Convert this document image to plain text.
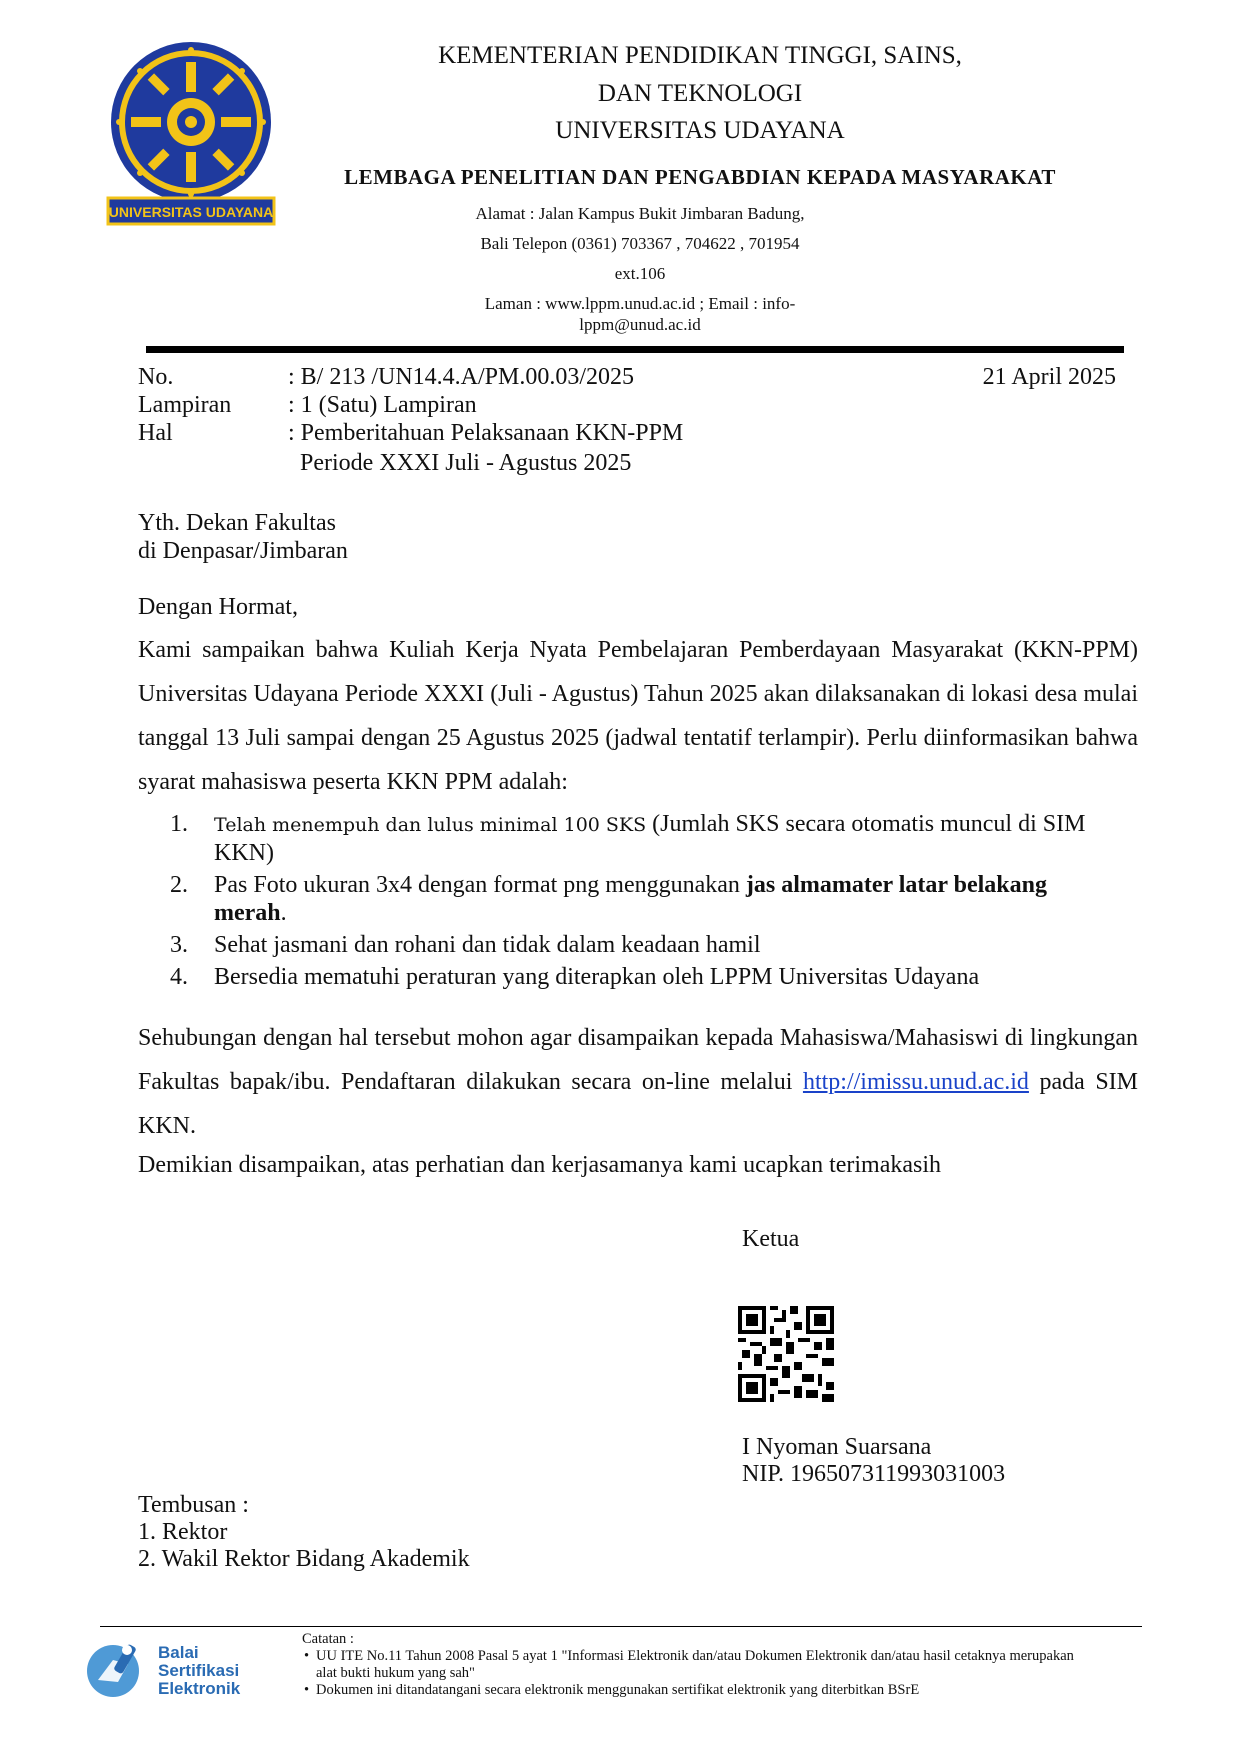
UNIVERSITAS UDAYANA
KEMENTERIAN PENDIDIKAN TINGGI, SAINS,
DAN TEKNOLOGI
UNIVERSITAS UDAYANA
LEMBAGA PENELITIAN DAN PENGABDIAN KEPADA MASYARAKAT
Alamat : Jalan Kampus Bukit Jimbaran Badung,
Bali Telepon (0361) 703367 , 704622 , 701954
ext.106
Laman : www.lppm.unud.ac.id ; Email : info-
lppm@unud.ac.id
No.	: B/ 213 /UN14.4.A/PM.00.03/2025	21 April 2025
Lampiran : 1 (Satu) Lampiran
Hal	: Pemberitahuan Pelaksanaan KKN-PPM
Periode XXXI Juli - Agustus 2025
Yth. Dekan Fakultas
di Denpasar/Jimbaran
Dengan Hormat,
Kami sampaikan bahwa Kuliah Kerja Nyata Pembelajaran Pemberdayaan Masyarakat (KKN-PPM) Universitas Udayana Periode XXXI (Juli - Agustus) Tahun 2025 akan dilaksanakan di lokasi desa mulai tanggal 13 Juli sampai dengan 25 Agustus 2025 (jadwal tentatif terlampir). Perlu diinformasikan bahwa syarat mahasiswa peserta KKN PPM adalah:
1. Telah menempuh dan lulus minimal 100 SKS (Jumlah SKS secara otomatis muncul di SIM KKN)
2. Pas Foto ukuran 3x4 dengan format png menggunakan jas almamater latar belakang merah.
3. Sehat jasmani dan rohani dan tidak dalam keadaan hamil
4. Bersedia mematuhi peraturan yang diterapkan oleh LPPM Universitas Udayana
Sehubungan dengan hal tersebut mohon agar disampaikan kepada Mahasiswa/Mahasiswi di lingkungan Fakultas bapak/ibu. Pendaftaran dilakukan secara on-line melalui http://imissu.unud.ac.id pada SIM KKN.
Demikian disampaikan, atas perhatian dan kerjasamanya kami ucapkan terimakasih
Ketua
I Nyoman Suarsana
NIP. 196507311993031003
Tembusan :
1. Rektor
2. Wakil Rektor Bidang Akademik
Balai
Sertifikasi
Elektronik
Catatan :
• UU ITE No.11 Tahun 2008 Pasal 5 ayat 1 "Informasi Elektronik dan/atau Dokumen Elektronik dan/atau hasil cetaknya merupakan alat bukti hukum yang sah"
• Dokumen ini ditandatangani secara elektronik menggunakan sertifikat elektronik yang diterbitkan BSrE
